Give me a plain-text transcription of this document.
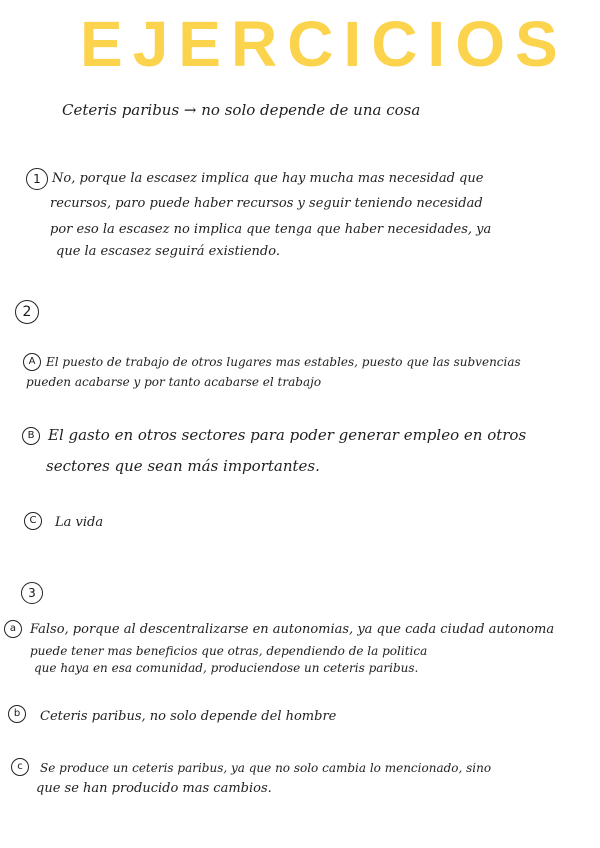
EJERCICIOS
Ceteris paribus → no solo depende de una cosa
1 No, porque la escasez implica que hay mucha mas necesidad que
recursos, paro puede haber recursos y seguir teniendo necesidad
por eso la escasez no implica que tenga que haber necesidades, ya
que la escasez seguirá existiendo.
2
A El puesto de trabajo de otros lugares mas estables, puesto que las subvencias
pueden acabarse y por tanto acabarse el trabajo
B El gasto en otros sectores para poder generar empleo en otros
sectores que sean más importantes.
C	La vida
3
a	Falso, porque al descentralizarse en autonomias, ya que cada ciudad autonoma
puede tener mas beneficios que otras, dependiendo de la politica
que haya en esa comunidad, produciendose un ceteris paribus.
b	Ceteris paribus, no solo depende del hombre
c	Se produce un ceteris paribus, ya que no solo cambia lo mencionado, sino
que se han producido mas cambios.
